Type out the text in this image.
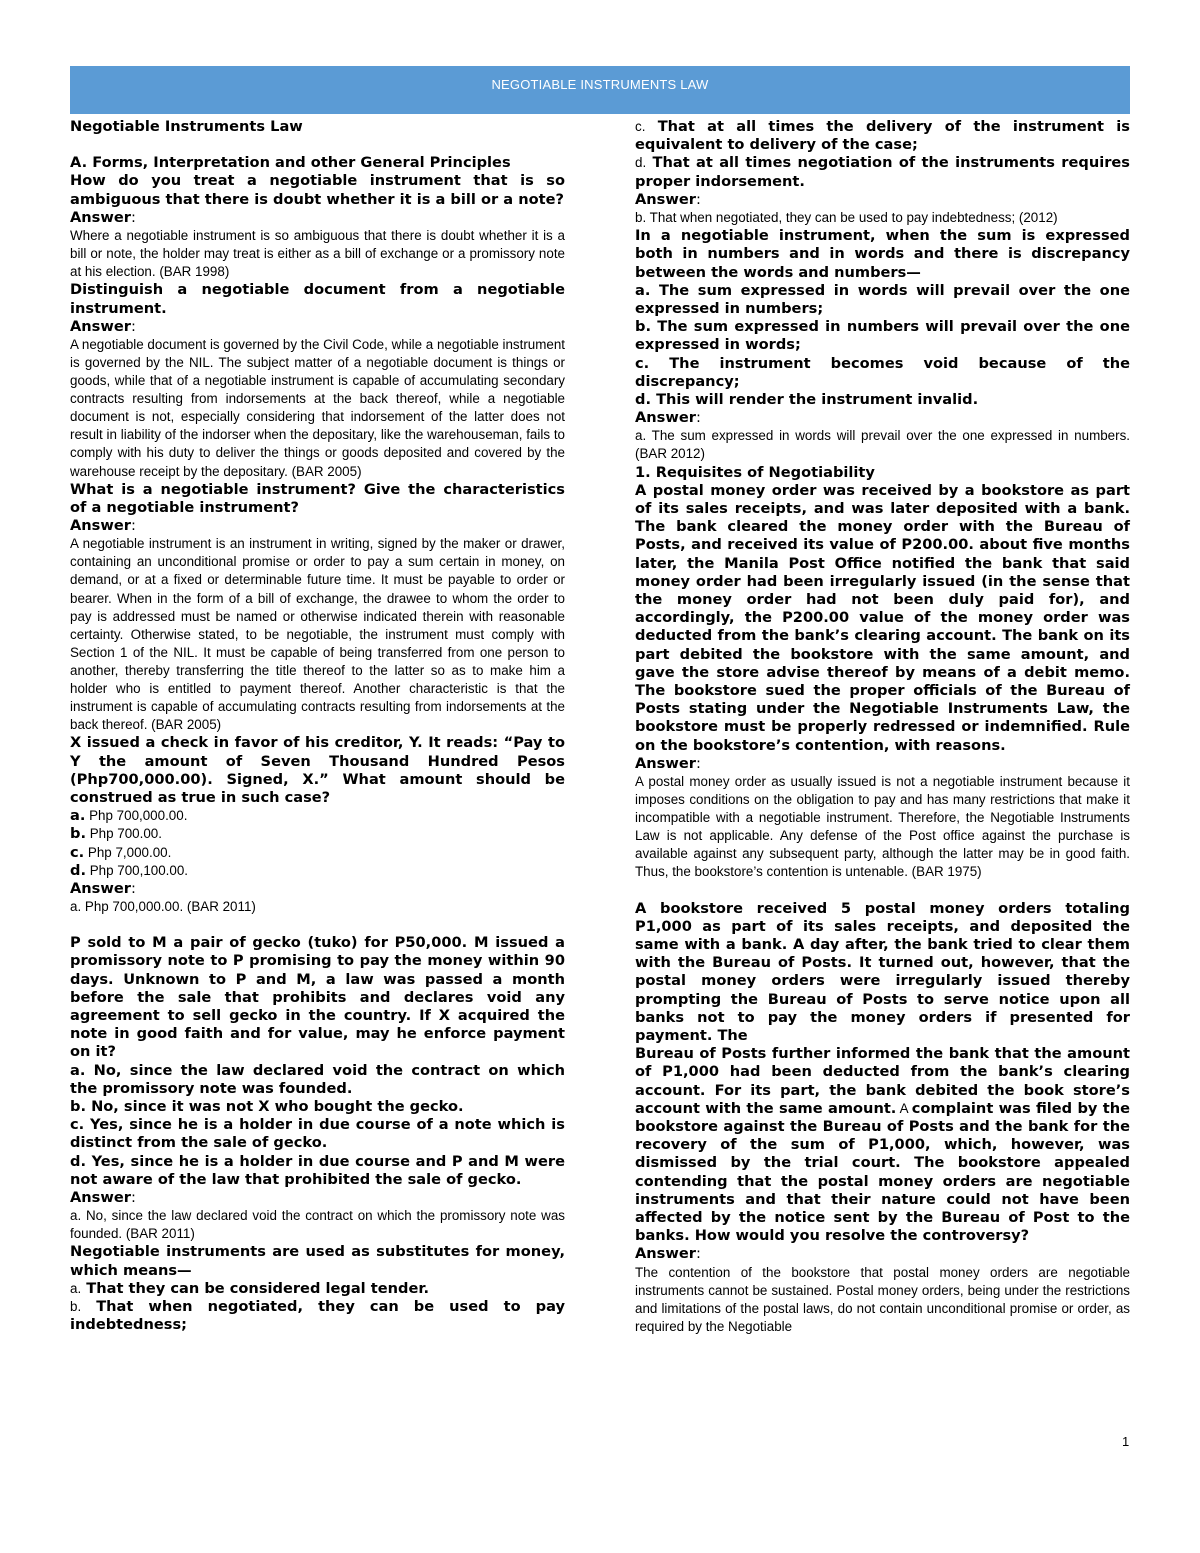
NEGOTIABLE INSTRUMENTS LAW

Negotiable Instruments Law

A. Forms, Interpretation and other General Principles

How do you treat a negotiable instrument that is so ambiguous that there is doubt whether it is a bill or a note?

Answer:

Where a negotiable instrument is so ambiguous that there is doubt whether it is a bill or note, the holder may treat is either as a bill of exchange or a promissory note at his election. (BAR 1998)

Distinguish a negotiable document from a negotiable instrument.

Answer:

A negotiable document is governed by the Civil Code, while a negotiable instrument is governed by the NIL. The subject matter of a negotiable document is things or goods, while that of a negotiable instrument is capable of accumulating secondary contracts resulting from indorsements at the back thereof, while a negotiable document is not, especially considering that indorsement of the latter does not result in liability of the indorser when the depositary, like the warehouseman, fails to comply with his duty to deliver the things or goods deposited and covered by the warehouse receipt by the depositary. (BAR 2005)

What is a negotiable instrument? Give the characteristics of a negotiable instrument?

Answer:

A negotiable instrument is an instrument in writing, signed by the maker or drawer, containing an unconditional promise or order to pay a sum certain in money, on demand, or at a fixed or determinable future time. It must be payable to order or bearer. When in the form of a bill of exchange, the drawee to whom the order to pay is addressed must be named or otherwise indicated therein with reasonable certainty. Otherwise stated, to be negotiable, the instrument must comply with Section 1 of the NIL. It must be capable of being transferred from one person to another, thereby transferring the title thereof to the latter so as to make him a holder who is entitled to payment thereof. Another characteristic is that the instrument is capable of accumulating contracts resulting from indorsements at the back thereof. (BAR 2005)

X issued a check in favor of his creditor, Y. It reads: “Pay to Y the amount of Seven Thousand Hundred Pesos (Php700,000.00). Signed, X.” What amount should be construed as true in such case?

a. Php 700,000.00.

b. Php 700.00.

c. Php 7,000.00.

d. Php 700,100.00.

Answer:

a. Php 700,000.00. (BAR 2011)

P sold to M a pair of gecko (tuko) for P50,000. M issued a promissory note to P promising to pay the money within 90 days. Unknown to P and M, a law was passed a month before the sale that prohibits and declares void any agreement to sell gecko in the country. If X acquired the note in good faith and for value, may he enforce payment on it?

a. No, since the law declared void the contract on which the promissory note was founded.

b. No, since it was not X who bought the gecko.

c. Yes, since he is a holder in due course of a note which is distinct from the sale of gecko.

d. Yes, since he is a holder in due course and P and M were not aware of the law that prohibited the sale of gecko.

Answer:

a. No, since the law declared void the contract on which the promissory note was founded. (BAR 2011)

Negotiable instruments are used as substitutes for money, which means—

a. That they can be considered legal tender.

b. That when negotiated, they can be used to pay indebtedness;

c. That at all times the delivery of the instrument is equivalent to delivery of the case;

d. That at all times negotiation of the instruments requires proper indorsement.

Answer:

b. That when negotiated, they can be used to pay indebtedness; (2012)

In a negotiable instrument, when the sum is expressed both in numbers and in words and there is discrepancy between the words and numbers—

a. The sum expressed in words will prevail over the one expressed in numbers;

b. The sum expressed in numbers will prevail over the one expressed in words;

c. The instrument becomes void because of the discrepancy;

d. This will render the instrument invalid.

Answer:

a. The sum expressed in words will prevail over the one expressed in numbers. (BAR 2012)

1. Requisites of Negotiability

A postal money order was received by a bookstore as part of its sales receipts, and was later deposited with a bank. The bank cleared the money order with the Bureau of Posts, and received its value of P200.00. about five months later, the Manila Post Office notified the bank that said money order had been irregularly issued (in the sense that the money order had not been duly paid for), and accordingly, the P200.00 value of the money order was deducted from the bank’s clearing account. The bank on its part debited the bookstore with the same amount, and gave the store advise thereof by means of a debit memo. The bookstore sued the proper officials of the Bureau of Posts stating under the Negotiable Instruments Law, the bookstore must be properly redressed or indemnified. Rule on the bookstore’s contention, with reasons.

Answer:

A postal money order as usually issued is not a negotiable instrument because it imposes conditions on the obligation to pay and has many restrictions that make it incompatible with a negotiable instrument. Therefore, the Negotiable Instruments Law is not applicable. Any defense of the Post office against the purchase is available against any subsequent party, although the latter may be in good faith. Thus, the bookstore’s contention is untenable. (BAR 1975)

A bookstore received 5 postal money orders totaling P1,000 as part of its sales receipts, and deposited the same with a bank. A day after, the bank tried to clear them with the Bureau of Posts. It turned out, however, that the postal money orders were irregularly issued thereby prompting the Bureau of Posts to serve notice upon all banks not to pay the money orders if presented for payment. The

Bureau of Posts further informed the bank that the amount of P1,000 had been deducted from the bank’s clearing account. For its part, the bank debited the book store’s account with the same amount. A complaint was filed by the bookstore against the Bureau of Posts and the bank for the recovery of the sum of P1,000, which, however, was dismissed by the trial court. The bookstore appealed contending that the postal money orders are negotiable instruments and that their nature could not have been affected by the notice sent by the Bureau of Post to the banks. How would you resolve the controversy?

Answer:

The contention of the bookstore that postal money orders are negotiable instruments cannot be sustained. Postal money orders, being under the restrictions and limitations of the postal laws, do not contain unconditional promise or order, as required by the Negotiable

1
